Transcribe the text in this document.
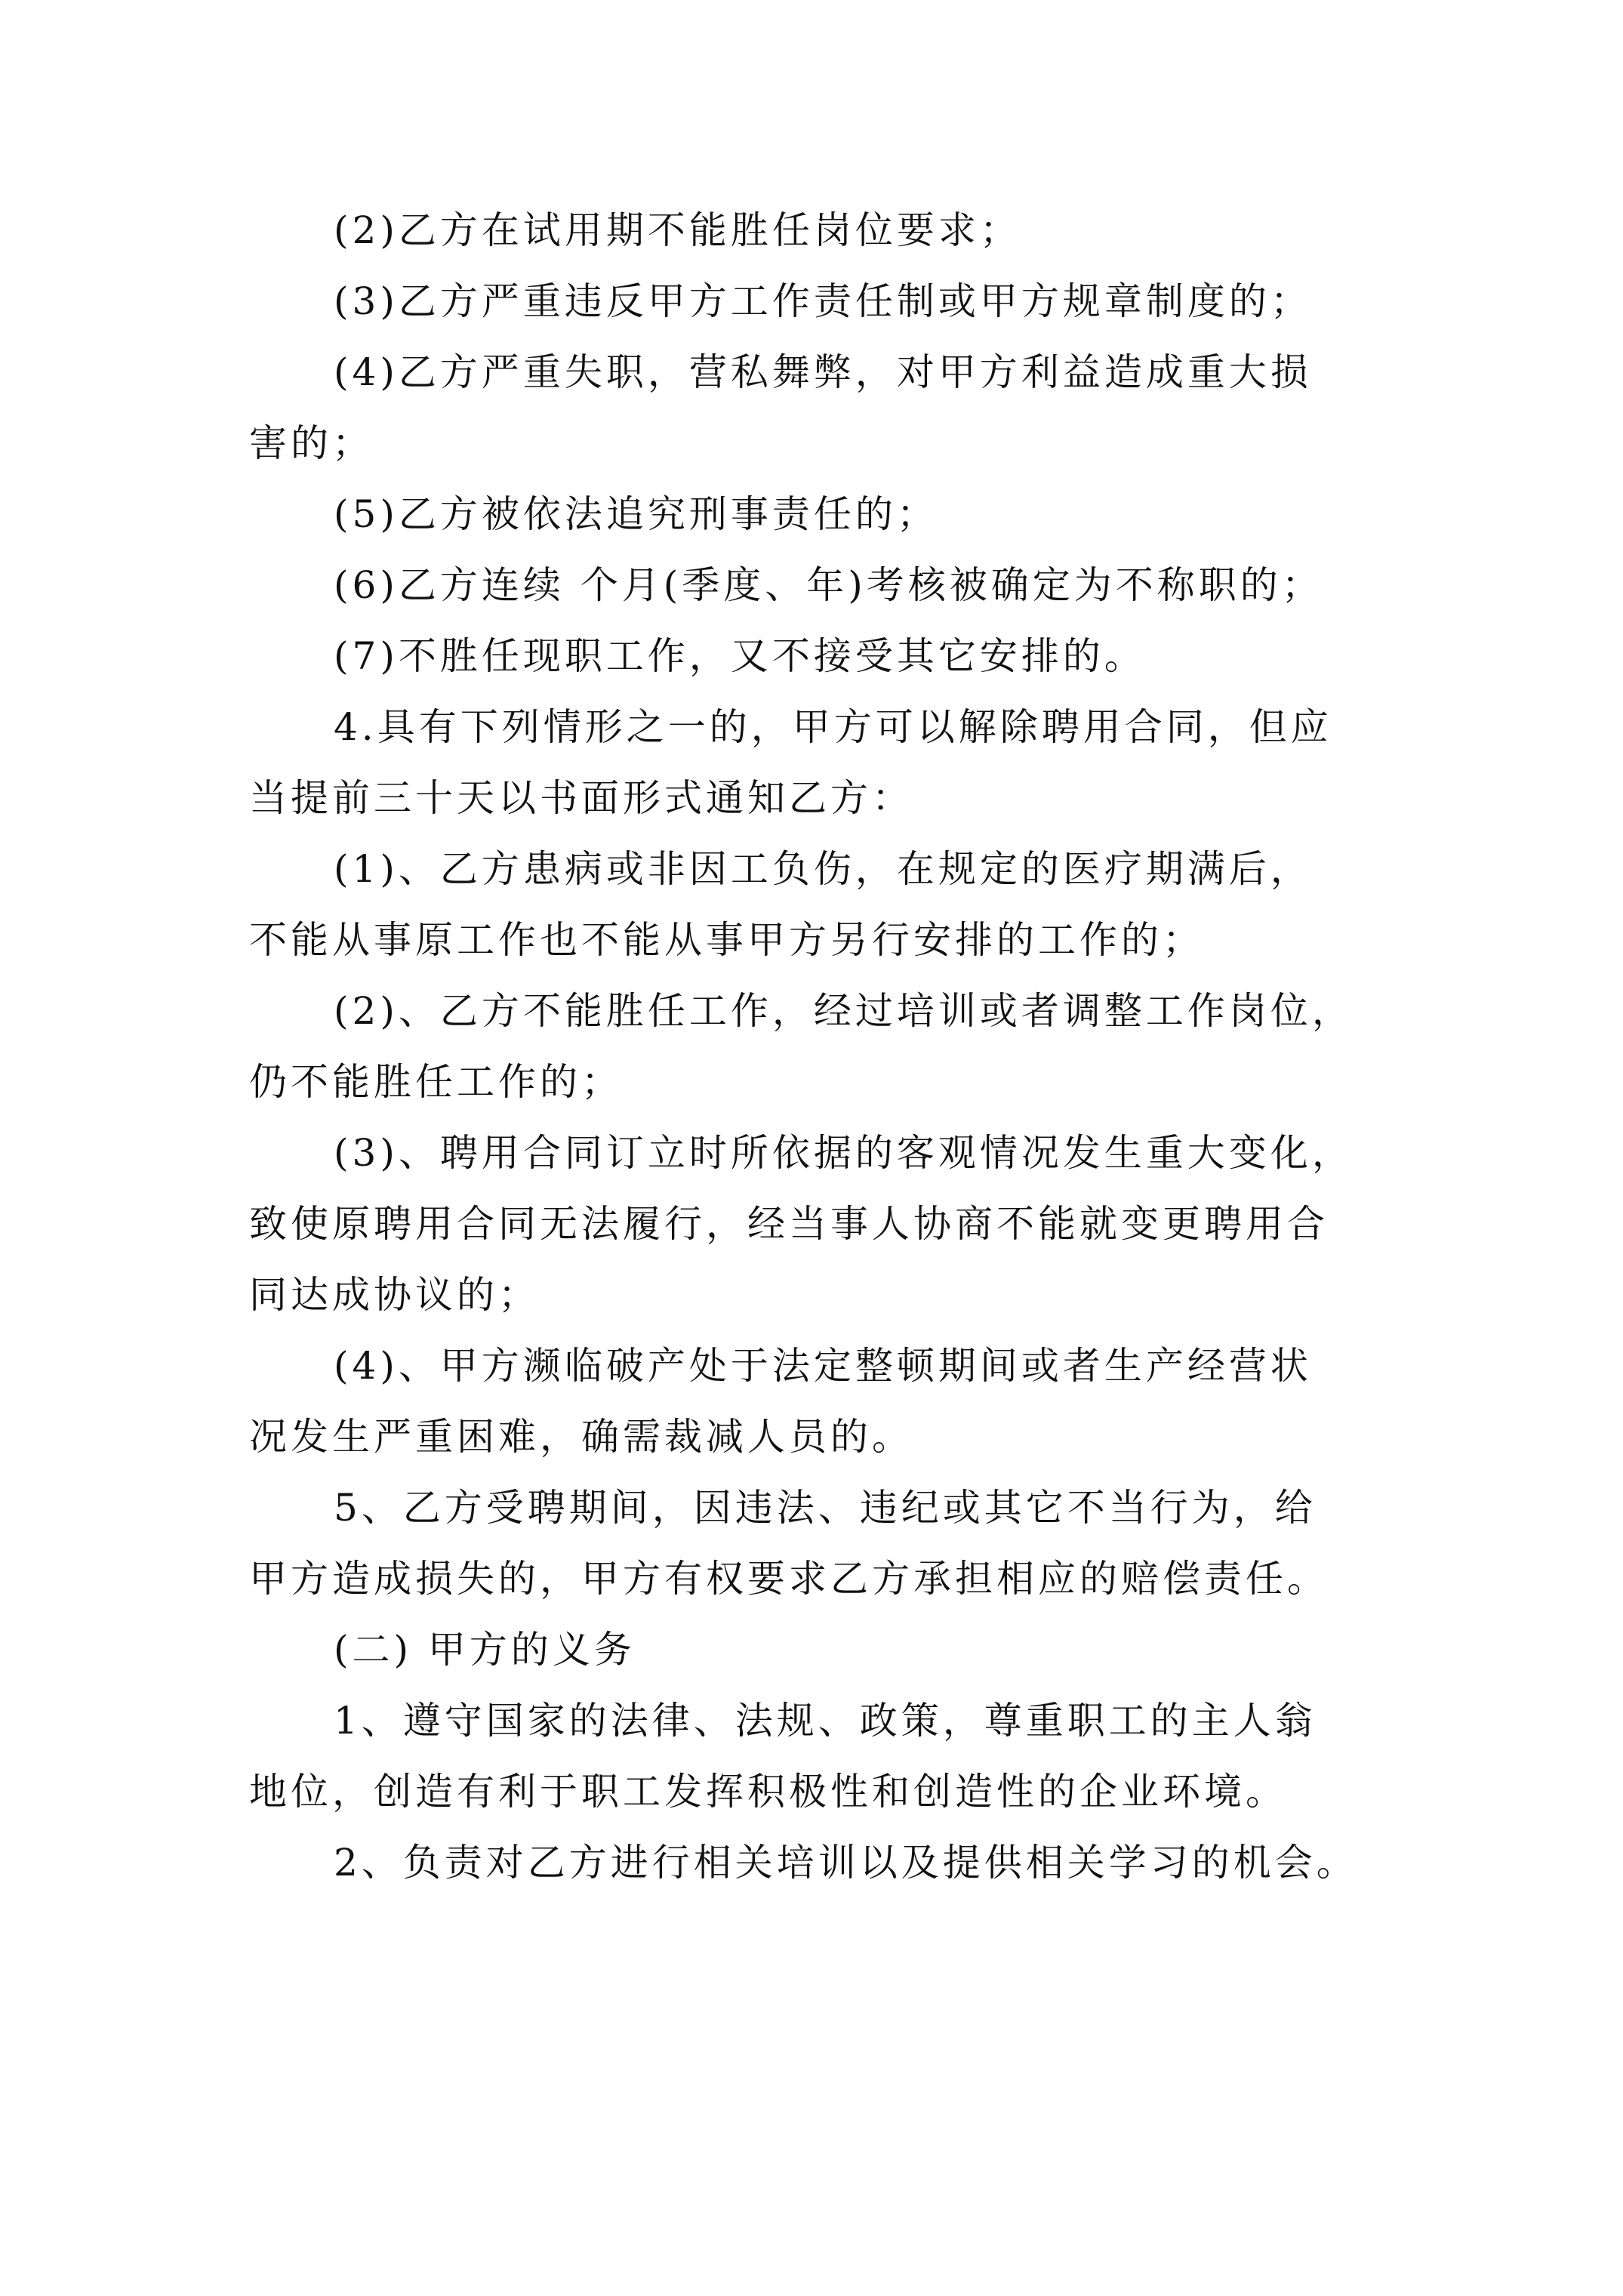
(2)乙方在试用期不能胜任岗位要求；
(3)乙方严重违反甲方工作责任制或甲方规章制度的；
(4)乙方严重失职，营私舞弊，对甲方利益造成重大损
害的；
(5)乙方被依法追究刑事责任的；
(6)乙方连续 个月(季度、年)考核被确定为不称职的；
(7)不胜任现职工作，又不接受其它安排的。
4.具有下列情形之一的，甲方可以解除聘用合同，但应
当提前三十天以书面形式通知乙方：
(1)、乙方患病或非因工负伤，在规定的医疗期满后，
不能从事原工作也不能从事甲方另行安排的工作的；
(2)、乙方不能胜任工作，经过培训或者调整工作岗位，
仍不能胜任工作的；
(3)、聘用合同订立时所依据的客观情况发生重大变化，
致使原聘用合同无法履行，经当事人协商不能就变更聘用合
同达成协议的；
(4)、甲方濒临破产处于法定整顿期间或者生产经营状
况发生严重困难，确需裁减人员的。
5、乙方受聘期间，因违法、违纪或其它不当行为，给
甲方造成损失的，甲方有权要求乙方承担相应的赔偿责任。
(二) 甲方的义务
1、遵守国家的法律、法规、政策，尊重职工的主人翁
地位，创造有利于职工发挥积极性和创造性的企业环境。
2、负责对乙方进行相关培训以及提供相关学习的机会。
